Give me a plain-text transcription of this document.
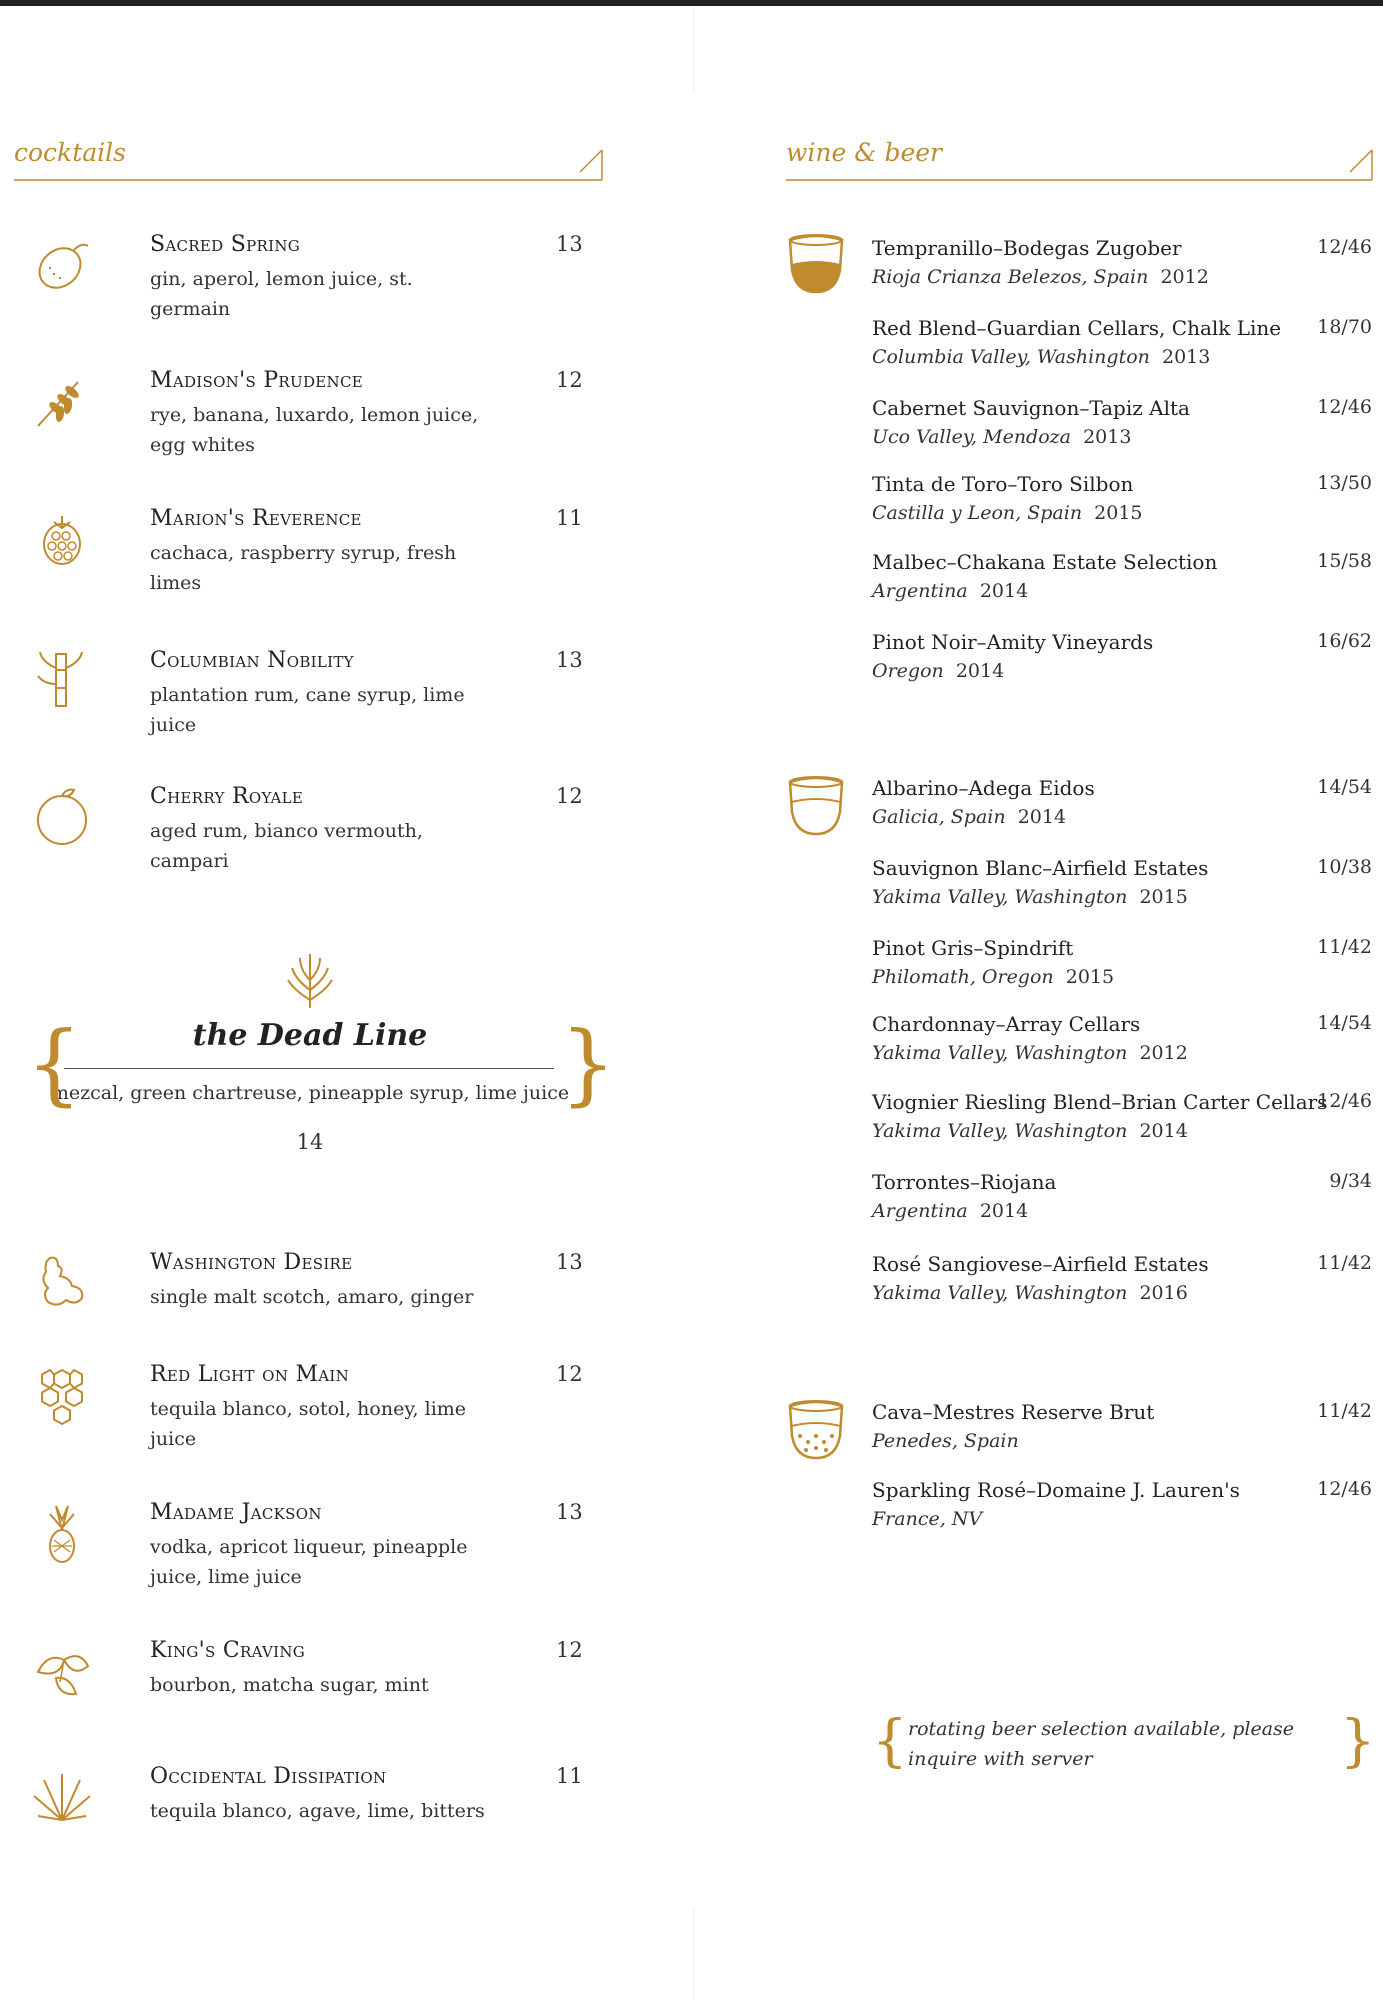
cocktails	wine & beer
Sacred Spring
gin, aperol, lemon juice, st. germain
13
Madison's Prudence
rye, banana, luxardo, lemon juice, egg whites
12
Marion's Reverence
cachaca, raspberry syrup, fresh limes
11
Columbian Nobility
plantation rum, cane syrup, lime juice
13
Cherry Royale
aged rum, bianco vermouth, campari
12
the Dead Line
mezcal, green chartreuse, pineapple syrup, lime juice
14
{	}
Washington Desire
single malt scotch, amaro, ginger
13
Red Light on Main
tequila blanco, sotol, honey, lime juice
12
Madame Jackson
vodka, apricot liqueur, pineapple juice, lime juice
13
King's Craving
bourbon, matcha sugar, mint
12
Occidental Dissipation
tequila blanco, agave, lime, bitters
11
Tempranillo–Bodegas Zugober
Rioja Crianza Belezos, Spain 2012
12/46
Red Blend–Guardian Cellars, Chalk Line
Columbia Valley, Washington 2013
18/70
Cabernet Sauvignon–Tapiz Alta
Uco Valley, Mendoza 2013
12/46
Tinta de Toro–Toro Silbon
Castilla y Leon, Spain 2015
13/50
Malbec–Chakana Estate Selection
Argentina 2014
15/58
Pinot Noir–Amity Vineyards
Oregon 2014
16/62
Albarino–Adega Eidos
Galicia, Spain 2014
14/54
Sauvignon Blanc–Airfield Estates
Yakima Valley, Washington 2015
10/38
Pinot Gris–Spindrift
Philomath, Oregon 2015
11/42
Chardonnay–Array Cellars
Yakima Valley, Washington 2012
14/54
Viognier Riesling Blend–Brian Carter Cellars
Yakima Valley, Washington 2014
12/46
Torrontes–Riojana
Argentina 2014
9/34
Rosé Sangiovese–Airfield Estates
Yakima Valley, Washington 2016
11/42
Cava–Mestres Reserve Brut
Penedes, Spain
11/42
Sparkling Rosé–Domaine J. Lauren's
France, NV
12/46
{ rotating beer selection available, please inquire with server	}
